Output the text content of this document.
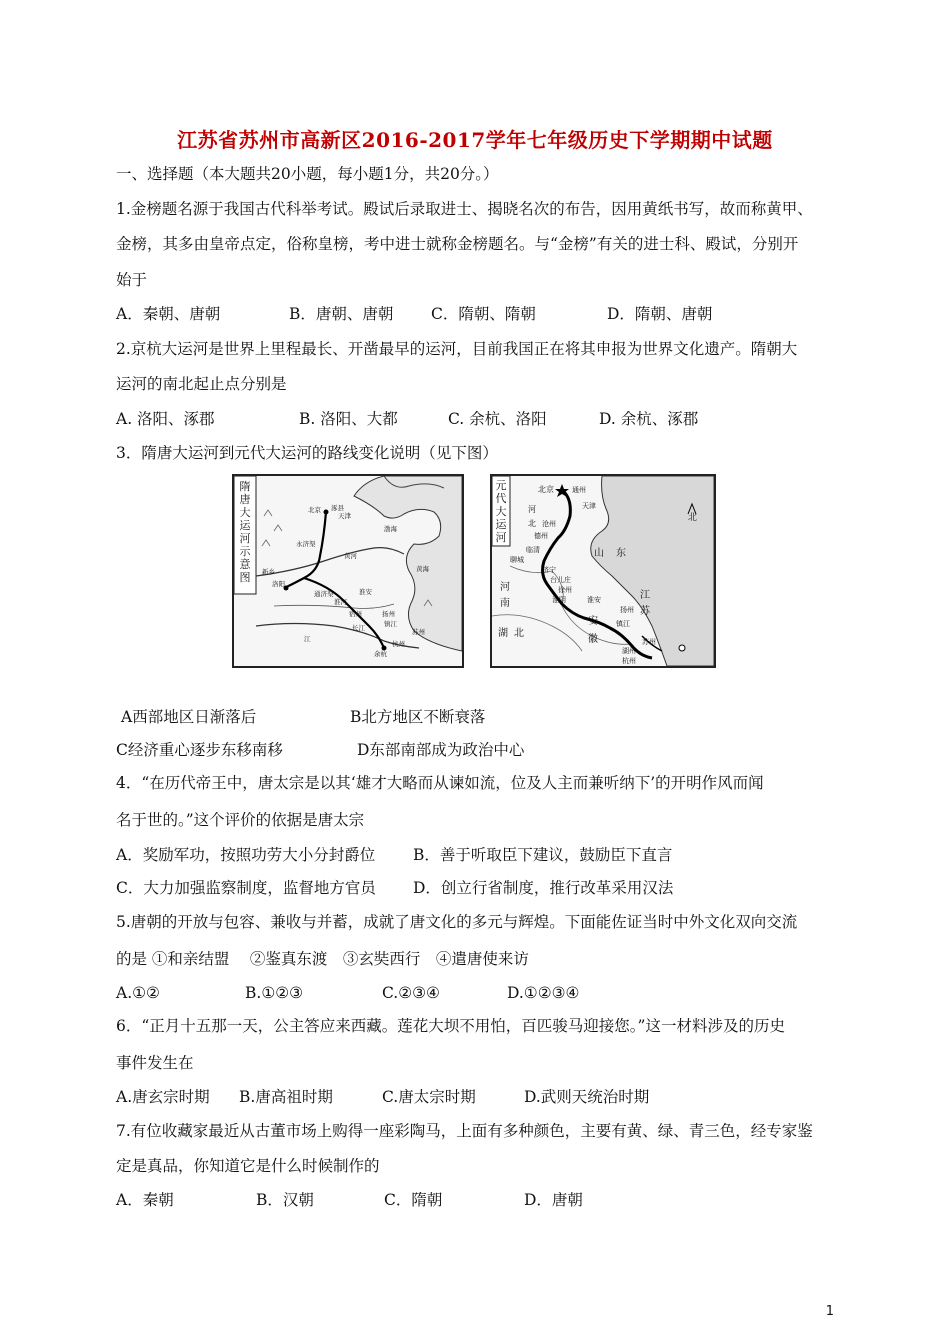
江苏省苏州市高新区2016-2017学年七年级历史下学期期中试题
一、选择题（本大题共20小题，每小题1分，共20分。）
1.金榜题名源于我国古代科举考试。殿试后录取进士、揭晓名次的布告，因用黄纸书写，故而称黄甲、
金榜，其多由皇帝点定，俗称皇榜，考中进士就称金榜题名。与“金榜”有关的进士科、殿试，分别开
始于
A．秦朝、唐朝	B．唐朝、唐朝 C．隋朝、隋朝	D．隋朝、唐朝
2.京杭大运河是世界上里程最长、开凿最早的运河，目前我国正在将其申报为世界文化遗产。隋朝大
运河的南北起止点分别是
A. 洛阳、涿郡	B. 洛阳、大都	C. 余杭、洛阳	D. 余杭、涿郡
3．隋唐大运河到元代大运河的路线变化说明（见下图）
隋
唐
大
运
河
示
意
图
北京 涿县
天津
渤海
黄河
洛阳
淮河
长江
余杭
扬州
杭州
镇江
永济渠
通济渠
新乡	黄海
淮安
苏州
宿州
江
元
代
大
运
河
北京	通州
天津
河
北 沧州
德州
临清
聊城
山 东
济宁
台儿庄
徐州
河
南	淮阴	淮安	江
苏
扬州
镇江
安
徽
湖 北
苏州
湖州
杭州
北
A西部地区日渐落后	B北方地区不断衰落
C经济重心逐步东移南移	D东部南部成为政治中心
4．“在历代帝王中，唐太宗是以其‘雄才大略而从谏如流，位及人主而兼听纳下’的开明作风而闻
名于世的。”这个评价的依据是唐太宗
A．奖励军功，按照功劳大小分封爵位 B．善于听取臣下建议，鼓励臣下直言
C．大力加强监察制度，监督地方官员 D．创立行省制度，推行改革采用汉法
5.唐朝的开放与包容、兼收与并蓄，成就了唐文化的多元与辉煌。下面能佐证当时中外文化双向交流
的是 ①和亲结盟　 ②鉴真东渡　③玄奘西行　④遣唐使来访
A.①②	B.①②③	C.②③④	D.①②③④
6．“正月十五那一天，公主答应来西藏。莲花大坝不用怕，百匹骏马迎接您。”这一材料涉及的历史
事件发生在
A.唐玄宗时期 B.唐高祖时期	C.唐太宗时期	D.武则天统治时期
7.有位收藏家最近从古董市场上购得一座彩陶马，上面有多种颜色，主要有黄、绿、青三色，经专家鉴
定是真品，你知道它是什么时候制作的
A．秦朝	B．汉朝	C．隋朝	D．唐朝
1
